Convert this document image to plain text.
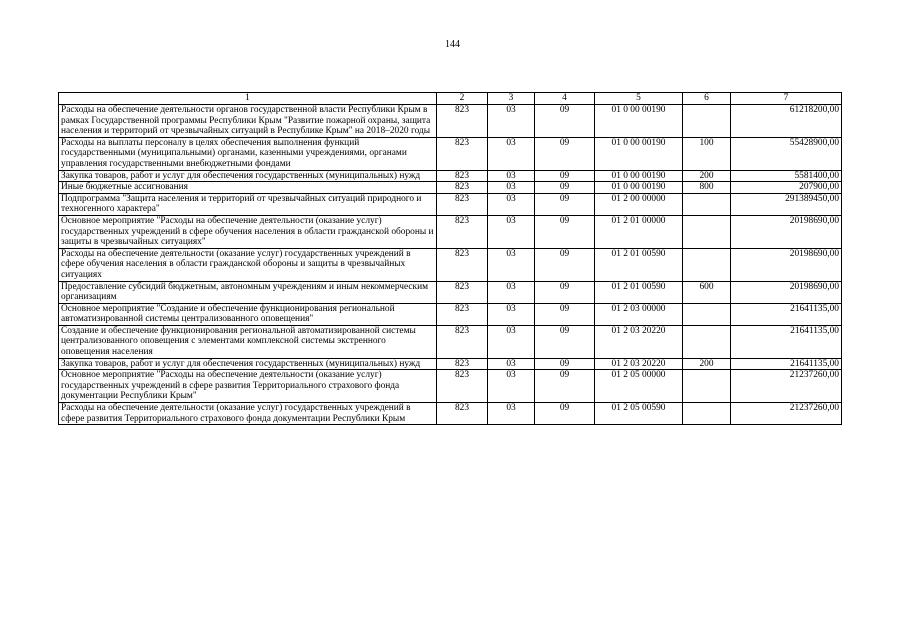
144
1	2	3	4	5	6	7
Расходы на обеспечение деятельности органов государственной власти Республики Крым в рамках Государственной программы Республики Крым "Развитие пожарной охраны, защита населения и территорий от чрезвычайных ситуаций в Республике Крым" на 2018–2020 годы	823	03	09	01 0 00 00190		61218200,00
Расходы на выплаты персоналу в целях обеспечения выполнения функций государственными (муниципальными) органами, казенными учреждениями, органами управления государственными внебюджетными фондами	823	03	09	01 0 00 00190	100	55428900,00
Закупка товаров, работ и услуг для обеспечения государственных (муниципальных) нужд	823	03	09	01 0 00 00190	200	5581400,00
Иные бюджетные ассигнования	823	03	09	01 0 00 00190	800	207900,00
Подпрограмма "Защита населения и территорий от чрезвычайных ситуаций природного и техногенного характера"	823	03	09	01 2 00 00000		291389450,00
Основное мероприятие "Расходы на обеспечение деятельности (оказание услуг) государственных учреждений в сфере обучения населения в области гражданской обороны и защиты в чрезвычайных ситуациях"	823	03	09	01 2 01 00000		20198690,00
Расходы на обеспечение деятельности (оказание услуг) государственных учреждений в сфере обучения населения в области гражданской обороны и защиты в чрезвычайных ситуациях	823	03	09	01 2 01 00590		20198690,00
Предоставление субсидий бюджетным, автономным учреждениям и иным некоммерческим организациям	823	03	09	01 2 01 00590	600	20198690,00
Основное мероприятие "Создание и обеспечение функционирования региональной автоматизированной системы централизованного оповещения"	823	03	09	01 2 03 00000		21641135,00
Создание и обеспечение функционирования региональной автоматизированной системы централизованного оповещения с элементами комплексной системы экстренного оповещения населения	823	03	09	01 2 03 20220		21641135,00
Закупка товаров, работ и услуг для обеспечения государственных (муниципальных) нужд	823	03	09	01 2 03 20220	200	21641135,00
Основное мероприятие "Расходы на обеспечение деятельности (оказание услуг) государственных учреждений в сфере развития Территориального страхового фонда документации Республики Крым"	823	03	09	01 2 05 00000		21237260,00
Расходы на обеспечение деятельности (оказание услуг) государственных учреждений в сфере развития Территориального страхового фонда документации Республики Крым	823	03	09	01 2 05 00590		21237260,00
